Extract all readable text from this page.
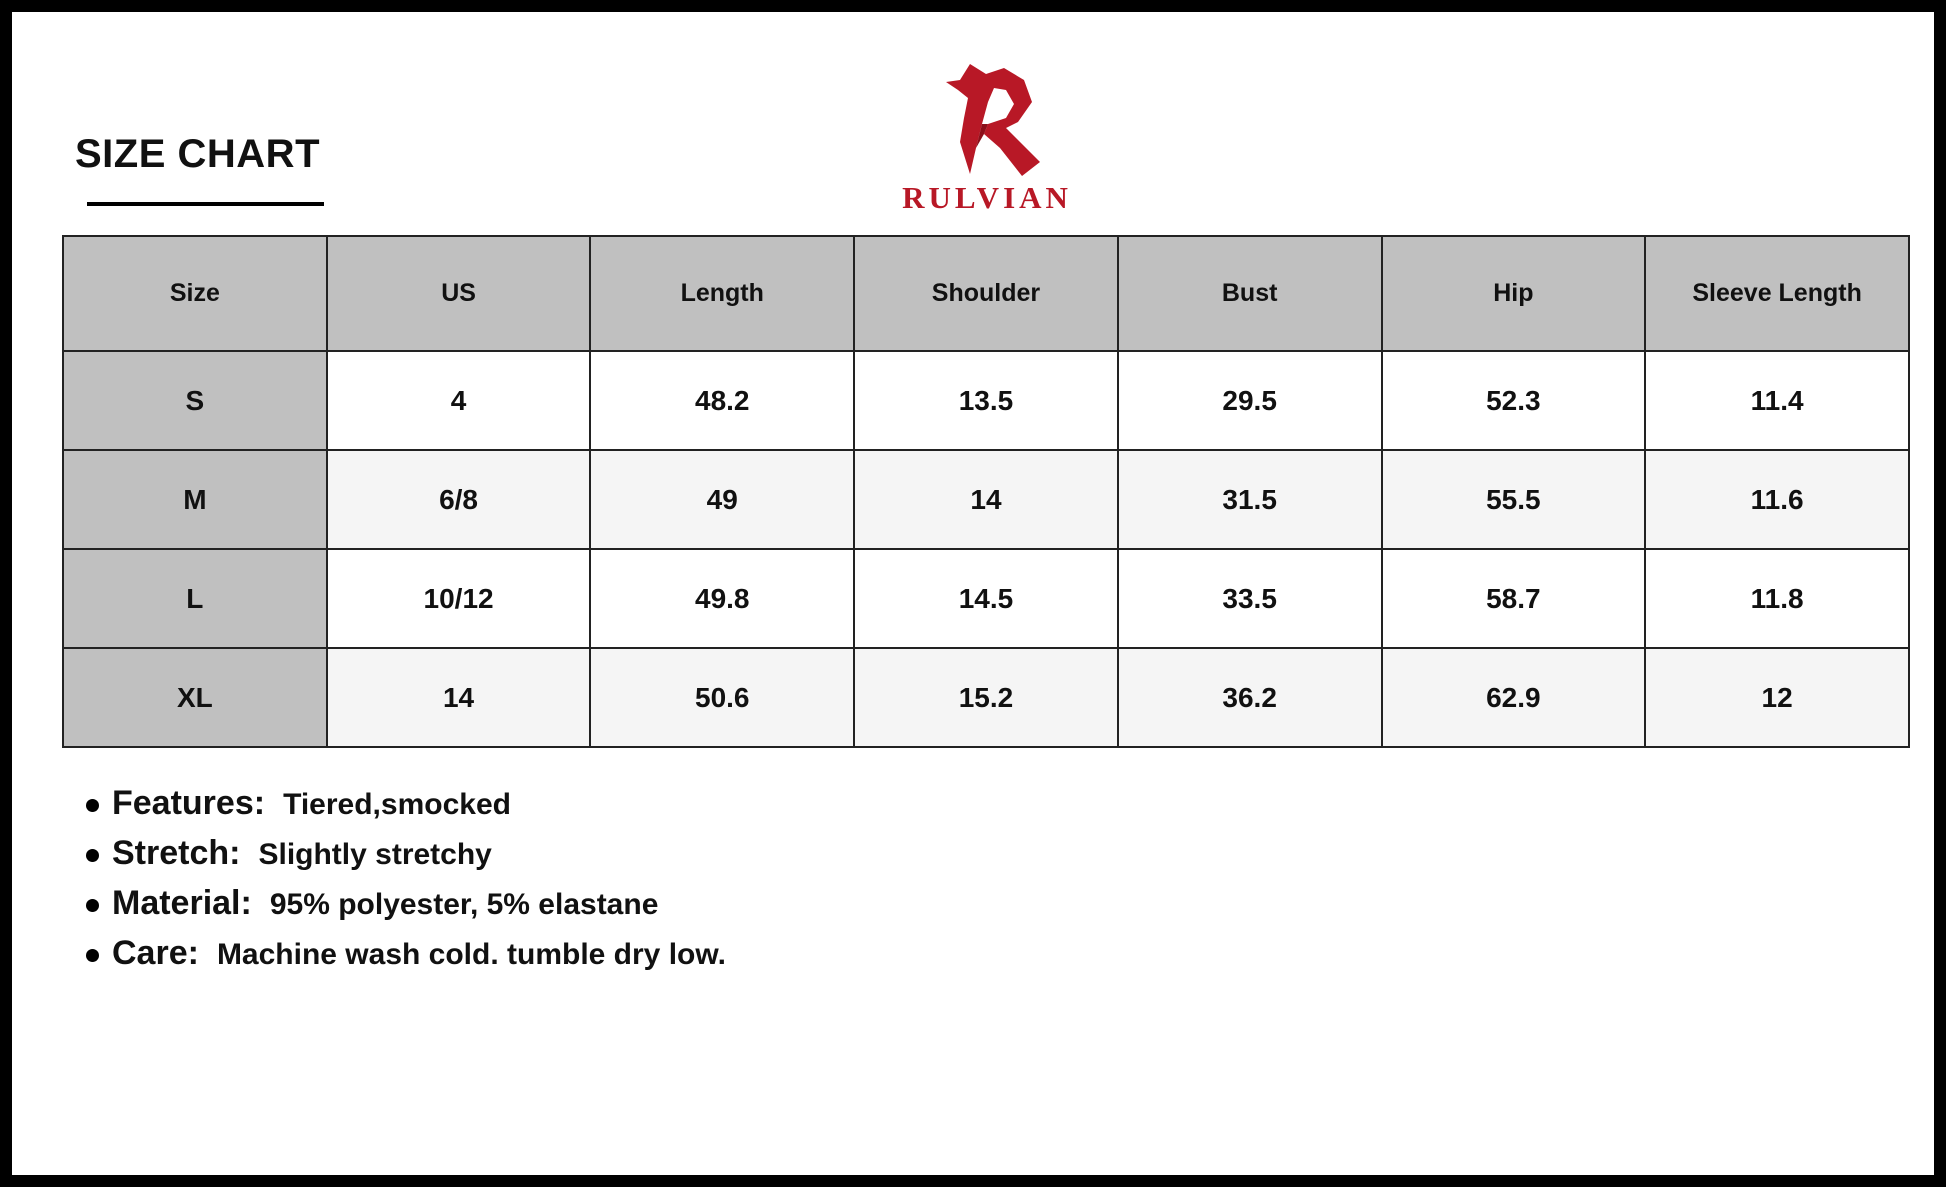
SIZE CHART
RULVIAN
Size	US	Length	Shoulder	Bust	Hip	Sleeve Length
S	4	48.2	13.5	29.5	52.3	11.4
M	6/8	49	14	31.5	55.5	11.6
L	10/12	49.8	14.5	33.5	58.7	11.8
XL	14	50.6	15.2	36.2	62.9	12
Features: Tiered,smocked
Stretch: Slightly stretchy
Material: 95% polyester, 5% elastane
Care: Machine wash cold. tumble dry low.
